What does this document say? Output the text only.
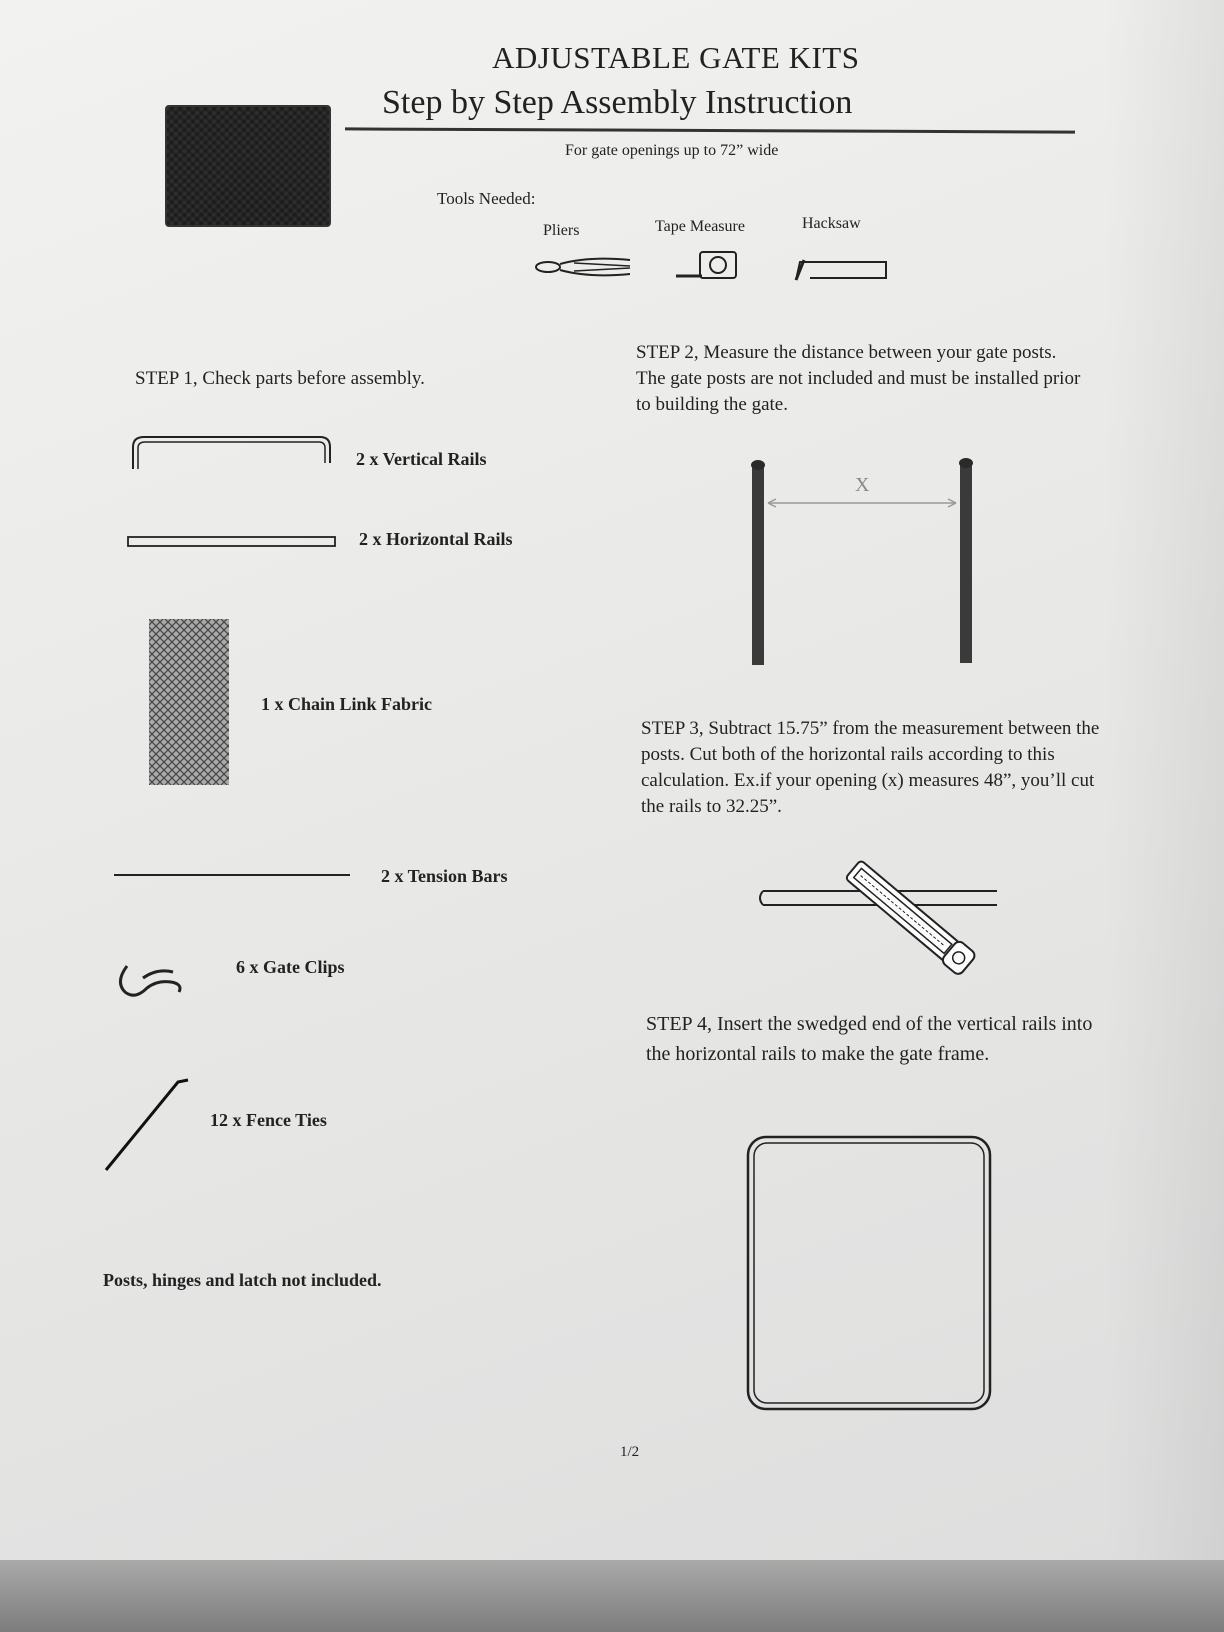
ADJUSTABLE GATE KITS
Step by Step Assembly Instruction
For gate openings up to 72” wide
Tools Needed:
Pliers	Tape Measure	Hacksaw
STEP 1, Check parts before assembly.
STEP 2, Measure the distance between your gate posts. The gate posts are not included and must be installed prior to building the gate.
STEP 3, Subtract 15.75” from the measurement between the posts. Cut both of the horizontal rails according to this calculation. Ex.if your opening (x) measures 48”, you’ll cut the rails to 32.25”.
STEP 4, Insert the swedged end of the vertical rails into the horizontal rails to make the gate frame.
2 x Vertical Rails
2 x Horizontal Rails
1 x Chain Link Fabric
2 x Tension Bars
6 x Gate Clips
12 x Fence Ties
Posts, hinges and latch not included.
X
1/2
